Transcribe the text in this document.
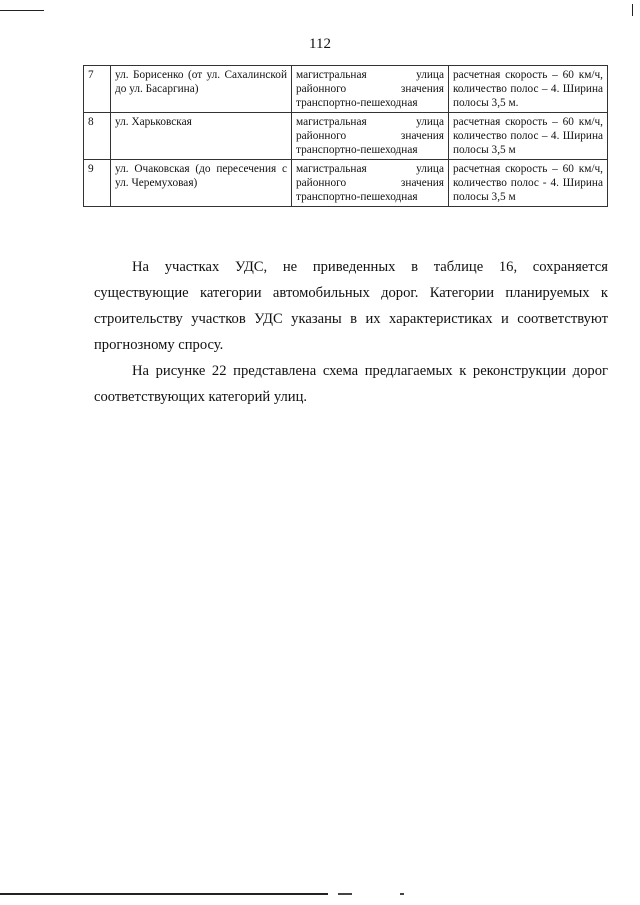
112
7	ул. Борисенко (от ул. Сахалинской до ул. Басаргина)	магистральная улица районного значения транспортно-пешеходная	расчетная скорость – 60 км/ч, количество полос – 4. Ширина полосы 3,5 м.
8	ул. Харьковская	магистральная улица районного значения транспортно-пешеходная	расчетная скорость – 60 км/ч, количество полос – 4. Ширина полосы 3,5 м
9	ул. Очаковская (до пересечения с ул. Черемуховая)	магистральная улица районного значения транспортно-пешеходная	расчетная скорость – 60 км/ч, количество полос - 4. Ширина полосы 3,5 м

На участках УДС, не приведенных в таблице 16, сохраняется существующие категории автомобильных дорог. Категории планируемых к строительству участков УДС указаны в их характеристиках и соответствуют прогнозному спросу.

На рисунке 22 представлена схема предлагаемых к реконструкции дорог соответствующих категорий улиц.
